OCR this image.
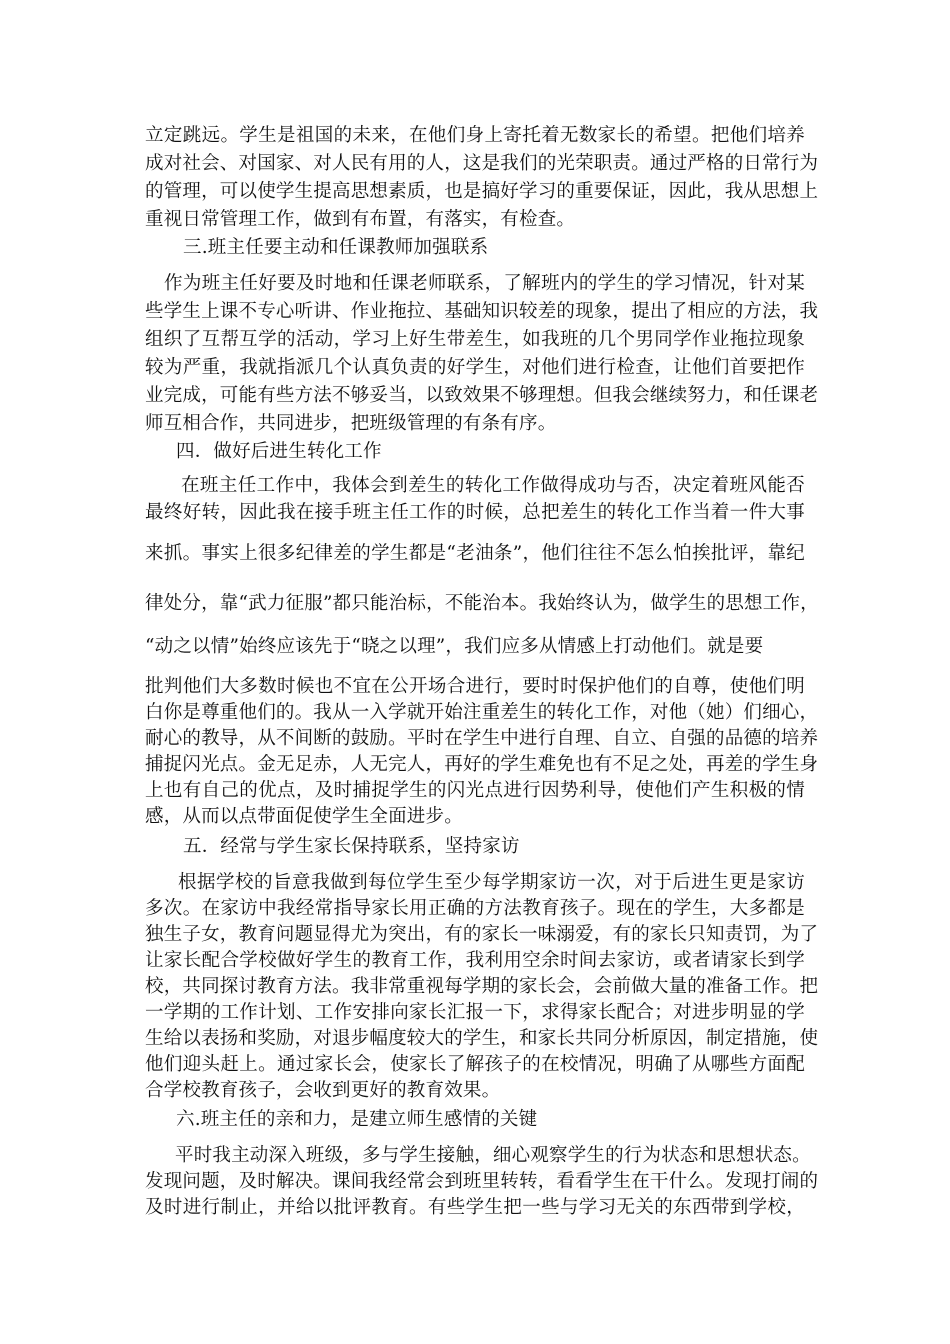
立定跳远。学生是祖国的未来，在他们身上寄托着无数家长的希望。把他们培养
成对社会、对国家、对人民有用的人，这是我们的光荣职责。通过严格的日常行为
的管理，可以使学生提高思想素质，也是搞好学习的重要保证，因此，我从思想上
重视日常管理工作，做到有布置，有落实，有检查。
三.班主任要主动和任课教师加强联系
作为班主任好要及时地和任课老师联系，了解班内的学生的学习情况，针对某
些学生上课不专心听讲、作业拖拉、基础知识较差的现象，提出了相应的方法，我
组织了互帮互学的活动，学习上好生带差生，如我班的几个男同学作业拖拉现象
较为严重，我就指派几个认真负责的好学生，对他们进行检查，让他们首要把作
业完成，可能有些方法不够妥当，以致效果不够理想。但我会继续努力，和任课老
师互相合作，共同进步，把班级管理的有条有序。
四．做好后进生转化工作
在班主任工作中，我体会到差生的转化工作做得成功与否，决定着班风能否
最终好转，因此我在接手班主任工作的时候，总把差生的转化工作当着一件大事
来抓。事实上很多纪律差的学生都是“老油条”，他们往往不怎么怕挨批评，靠纪
律处分，靠“武力征服”都只能治标，不能治本。我始终认为，做学生的思想工作，
“动之以情”始终应该先于“晓之以理”，我们应多从情感上打动他们。就是要
批判他们大多数时候也不宜在公开场合进行，要时时保护他们的自尊，使他们明
白你是尊重他们的。我从一入学就开始注重差生的转化工作，对他（她）们细心，
耐心的教导，从不间断的鼓励。平时在学生中进行自理、自立、自强的品德的培养
捕捉闪光点。金无足赤，人无完人，再好的学生难免也有不足之处，再差的学生身
上也有自己的优点，及时捕捉学生的闪光点进行因势利导，使他们产生积极的情
感，从而以点带面促使学生全面进步。
五．经常与学生家长保持联系，坚持家访
根据学校的旨意我做到每位学生至少每学期家访一次，对于后进生更是家访
多次。在家访中我经常指导家长用正确的方法教育孩子。现在的学生，大多都是
独生子女，教育问题显得尤为突出，有的家长一味溺爱，有的家长只知责罚，为了
让家长配合学校做好学生的教育工作，我利用空余时间去家访，或者请家长到学
校，共同探讨教育方法。我非常重视每学期的家长会，会前做大量的准备工作。把
一学期的工作计划、工作安排向家长汇报一下，求得家长配合；对进步明显的学
生给以表扬和奖励，对退步幅度较大的学生，和家长共同分析原因，制定措施，使
他们迎头赶上。通过家长会，使家长了解孩子的在校情况，明确了从哪些方面配
合学校教育孩子，会收到更好的教育效果。
六.班主任的亲和力，是建立师生感情的关键
平时我主动深入班级，多与学生接触，细心观察学生的行为状态和思想状态。
发现问题，及时解决。课间我经常会到班里转转，看看学生在干什么。发现打闹的
及时进行制止，并给以批评教育。有些学生把一些与学习无关的东西带到学校，
